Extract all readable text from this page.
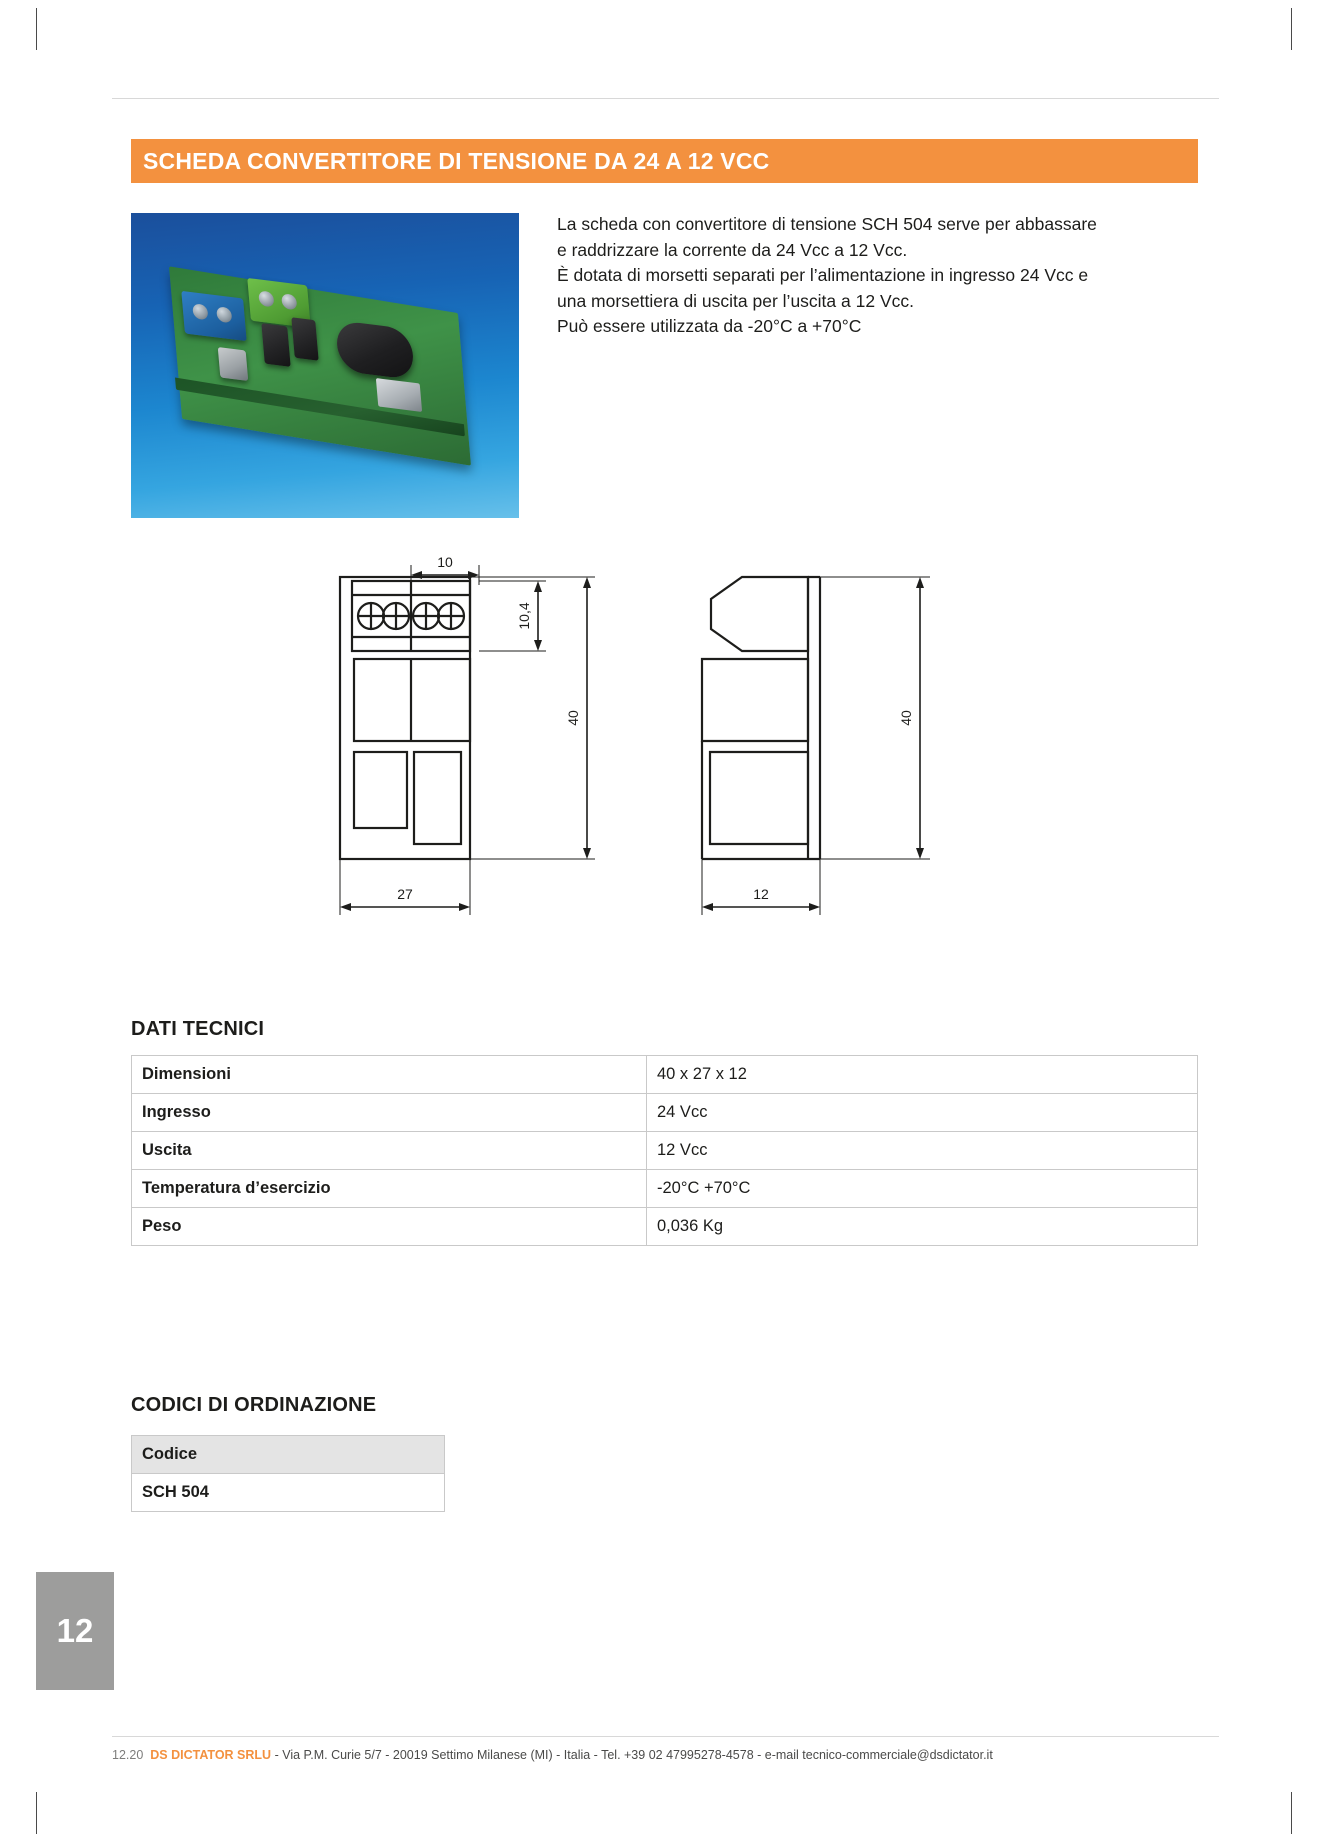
SCHEDA CONVERTITORE DI TENSIONE DA 24 A 12 VCC
La scheda con convertitore di tensione SCH 504 serve per abbassare
e raddrizzare la corrente da 24 Vcc a 12 Vcc.
È dotata di morsetti separati per l’alimentazione in ingresso 24 Vcc e
una morsettiera di uscita per l’uscita a 12 Vcc.
Può essere utilizzata da -20°C a +70°C
10
10,4
40
27
40
12
DATI TECNICI
Dimensioni	40 x 27 x 12
Ingresso	24 Vcc
Uscita	12 Vcc
Temperatura d’esercizio	-20°C +70°C
Peso	0,036 Kg
CODICI DI ORDINAZIONE
Codice
SCH 504
12
12.20 DS DICTATOR SRLU - Via P.M. Curie 5/7 - 20019 Settimo Milanese (MI) - Italia - Tel. +39 02 47995278-4578 - e-mail tecnico-commerciale@dsdictator.it
